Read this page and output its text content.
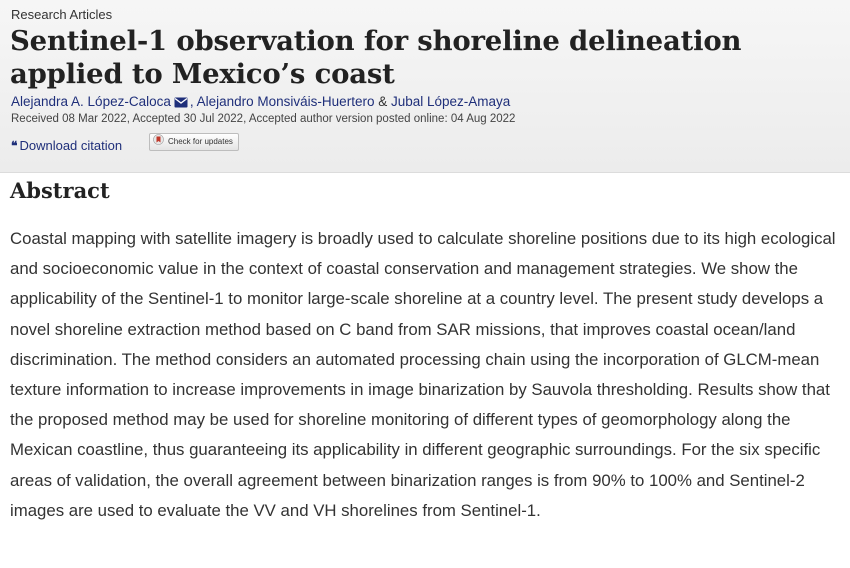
Research Articles
Sentinel-1 observation for shoreline delineation applied to Mexico’s coast
Alejandra A. López-Caloca , Alejandro Monsiváis-Huertero & Jubal López-Amaya
Received 08 Mar 2022, Accepted 30 Jul 2022, Accepted author version posted online: 04 Aug 2022
❝ Download citation	Check for updates
Abstract

Coastal mapping with satellite imagery is broadly used to calculate shoreline positions due to its high ecological and socioeconomic value in the context of coastal conservation and management strategies. We show the applicability of the Sentinel-1 to monitor large-scale shoreline at a country level. The present study develops a novel shoreline extraction method based on C band from SAR missions, that improves coastal ocean/land discrimination. The method considers an automated processing chain using the incorporation of GLCM-mean texture information to increase improvements in image binarization by Sauvola thresholding. Results show that the proposed method may be used for shoreline monitoring of different types of geomorphology along the Mexican coastline, thus guaranteeing its applicability in different geographic surroundings. For the six specific areas of validation, the overall agreement between binarization ranges is from 90% to 100% and Sentinel-2 images are used to evaluate the VV and VH shorelines from Sentinel-1.
